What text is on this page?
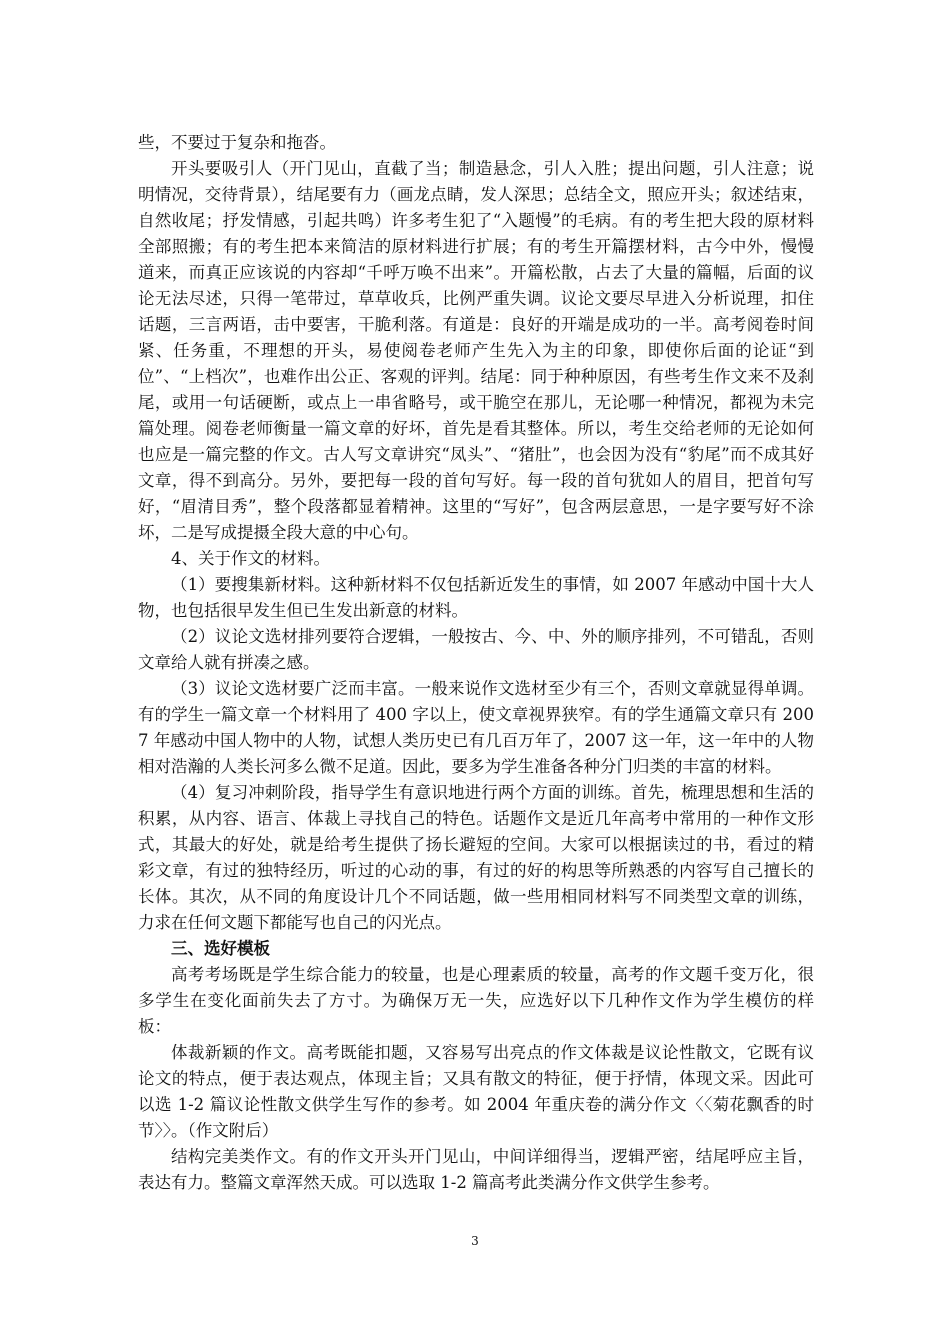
些，不要过于复杂和拖沓。

开头要吸引人（开门见山，直截了当；制造悬念，引人入胜；提出问题，引人注意；说明情况，交待背景），结尾要有力（画龙点睛，发人深思；总结全文，照应开头；叙述结束，自然收尾；抒发情感，引起共鸣）许多考生犯了“入题慢”的毛病。有的考生把大段的原材料全部照搬；有的考生把本来简洁的原材料进行扩展；有的考生开篇摆材料，古今中外，慢慢道来，而真正应该说的内容却“千呼万唤不出来”。开篇松散，占去了大量的篇幅，后面的议论无法尽述，只得一笔带过，草草收兵，比例严重失调。议论文要尽早进入分析说理，扣住话题，三言两语，击中要害，干脆利落。有道是：良好的开端是成功的一半。高考阅卷时间紧、任务重，不理想的开头，易使阅卷老师产生先入为主的印象，即使你后面的论证“到位”、“上档次”，也难作出公正、客观的评判。结尾：同于种种原因，有些考生作文来不及刹尾，或用一句话硬断，或点上一串省略号，或干脆空在那儿，无论哪一种情况，都视为未完篇处理。阅卷老师衡量一篇文章的好坏，首先是看其整体。所以，考生交给老师的无论如何也应是一篇完整的作文。古人写文章讲究“凤头”、“猪肚”，也会因为没有“豹尾”而不成其好文章，得不到高分。另外，要把每一段的首句写好。每一段的首句犹如人的眉目，把首句写好，“眉清目秀”，整个段落都显着精神。这里的“写好”，包含两层意思，一是字要写好不涂坏，二是写成提摄全段大意的中心句。

4、关于作文的材料。

（1）要搜集新材料。这种新材料不仅包括新近发生的事情，如 2007 年感动中国十大人物，也包括很早发生但已生发出新意的材料。

（2）议论文选材排列要符合逻辑，一般按古、今、中、外的顺序排列，不可错乱，否则文章给人就有拼凑之感。

（3）议论文选材要广泛而丰富。一般来说作文选材至少有三个，否则文章就显得单调。有的学生一篇文章一个材料用了 400 字以上，使文章视界狭窄。有的学生通篇文章只有 2007 年感动中国人物中的人物，试想人类历史已有几百万年了，2007 这一年，这一年中的人物相对浩瀚的人类长河多么微不足道。因此，要多为学生准备各种分门归类的丰富的材料。

（4）复习冲刺阶段，指导学生有意识地进行两个方面的训练。首先，梳理思想和生活的积累，从内容、语言、体裁上寻找自己的特色。话题作文是近几年高考中常用的一种作文形式，其最大的好处，就是给考生提供了扬长避短的空间。大家可以根据读过的书，看过的精彩文章，有过的独特经历，听过的心动的事，有过的好的构思等所熟悉的内容写自己擅长的长体。其次，从不同的角度设计几个不同话题，做一些用相同材料写不同类型文章的训练，力求在任何文题下都能写也自己的闪光点。

三、选好模板

高考考场既是学生综合能力的较量，也是心理素质的较量，高考的作文题千变万化，很多学生在变化面前失去了方寸。为确保万无一失，应选好以下几种作文作为学生模仿的样板：

体裁新颖的作文。高考既能扣题，又容易写出亮点的作文体裁是议论性散文，它既有议论文的特点，便于表达观点，体现主旨；又具有散文的特征，便于抒情，体现文采。因此可以选 1-2 篇议论性散文供学生写作的参考。如 2004 年重庆卷的满分作文〈〈菊花飘香的时节〉〉。（作文附后）

结构完美类作文。有的作文开头开门见山，中间详细得当，逻辑严密，结尾呼应主旨，表达有力。整篇文章浑然天成。可以选取 1-2 篇高考此类满分作文供学生参考。

3
